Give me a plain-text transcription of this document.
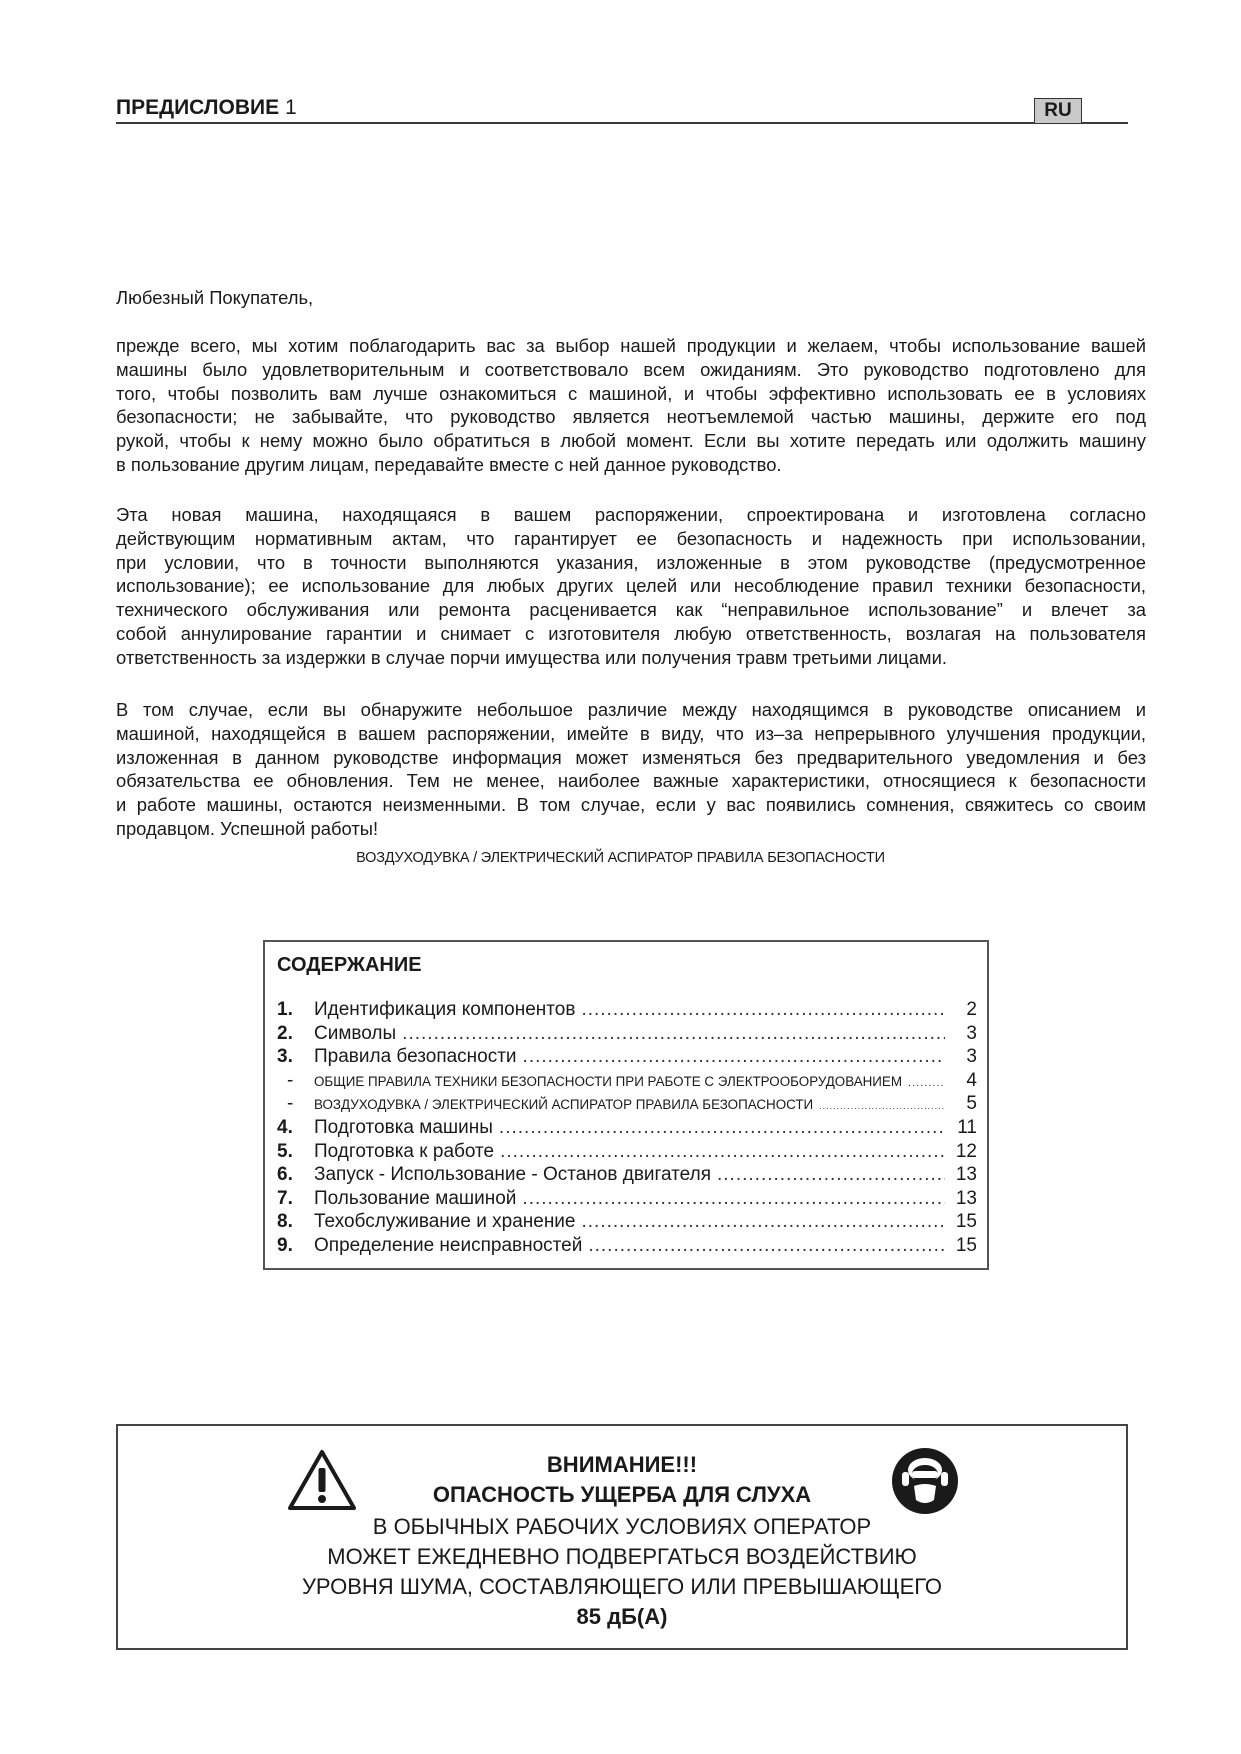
ПРЕДИСЛОВИЕ 1	RU
Любезный Покупатель,
прежде всего, мы хотим поблагодарить вас за выбор нашей продукции и желаем, чтобы использование вашей
машины было удовлетворительным и соответствовало всем ожиданиям. Это руководство подготовлено для
того, чтобы позволить вам лучше ознакомиться с машиной, и чтобы эффективно использовать ее в условиях
безопасности; не забывайте, что руководство является неотъемлемой частью машины, держите его под
рукой, чтобы к нему можно было обратиться в любой момент. Если вы хотите передать или одолжить машину
в пользование другим лицам, передавайте вместе с ней данное руководство.
Эта новая машина, находящаяся в вашем распоряжении, спроектирована и изготовлена согласно
действующим нормативным актам, что гарантирует ее безопасность и надежность при использовании,
при условии, что в точности выполняются указания, изложенные в этом руководстве (предусмотренное
использование); ее использование для любых других целей или несоблюдение правил техники безопасности,
технического обслуживания или ремонта расценивается как “неправильное использование” и влечет за
собой аннулирование гарантии и снимает с изготовителя любую ответственность, возлагая на пользователя
ответственность за издержки в случае порчи имущества или получения травм третьими лицами.
В том случае, если вы обнаружите небольшое различие между находящимся в руководстве описанием и
машиной, находящейся в вашем распоряжении, имейте в виду, что из–за непрерывного улучшения продукции,
изложенная в данном руководстве информация может изменяться без предварительного уведомления и без
обязательства ее обновления. Тем не менее, наиболее важные характеристики, относящиеся к безопасности
и работе машины, остаются неизменными. В том случае, если у вас появились сомнения, свяжитесь со своим
продавцом. Успешной работы!
ВОЗДУХОДУВКА / ЭЛЕКТРИЧЕСКИЙ АСПИРАТОР ПРАВИЛА БЕЗОПАСНОСТИ
СОДЕРЖАНИЕ
1.	Идентификация компонентов .....	2
2.	Символы .....	3
3.	Правила безопасности .....	3
-	ОБЩИЕ ПРАВИЛА ТЕХНИКИ БЕЗОПАСНОСТИ ПРИ РАБОТЕ С ЭЛЕКТРООБОРУДОВАНИЕМ .....	4
-	ВОЗДУХОДУВКА / ЭЛЕКТРИЧЕСКИЙ АСПИРАТОР ПРАВИЛА БЕЗОПАСНОСТИ .....	5
4.	Подготовка машины .....	11
5.	Подготовка к работе .....	12
6.	Запуск - Использование - Останов двигателя .....	13
7.	Пользование машиной .....	13
8.	Техобслуживание и хранение .....	15
9.	Определение неисправностей .....	15
ВНИМАНИЕ!!!
ОПАСНОСТЬ УЩЕРБА ДЛЯ СЛУХА
В ОБЫЧНЫХ РАБОЧИХ УСЛОВИЯХ ОПЕРАТОР
МОЖЕТ ЕЖЕДНЕВНО ПОДВЕРГАТЬСЯ ВОЗДЕЙСТВИЮ
УРОВНЯ ШУМА, СОСТАВЛЯЮЩЕГО ИЛИ ПРЕВЫШАЮЩЕГО
85 дБ(А)
